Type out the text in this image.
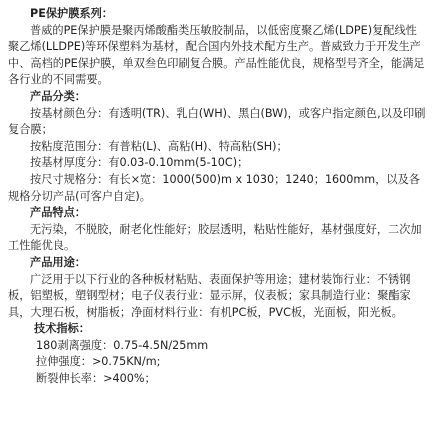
PE保护膜系列：

普威的PE保护膜是聚丙烯酸酯类压敏胶制品，以低密度聚乙烯(LDPE)复配线性聚乙烯(LLDPE)等环保塑料为基材，配合国内外技术配方生产。普威致力于开发生产中、高档的PE保护膜，单双叁色印刷复合膜。产品性能优良，规格型号齐全，能满足各行业的不同需要。

产品分类：

按基材颜色分：有透明(TR)、乳白(WH)、黑白(BW)，或客户指定颜色,以及印刷复合膜；

按粘度范围分：有普粘(L)、高粘(H)、特高粘(SH)；

按基材厚度分：有0.03-0.10mm(5-10C)；

按尺寸规格分：有长×宽：1000(500)m x 1030；1240；1600mm，以及各规格分切产品(可客户自定)。

产品特点：

无污染，不脱胶，耐老化性能好；胶层透明，粘贴性能好，基材强度好，二次加工性能优良。

产品用途：

广泛用于以下行业的各种板材粘贴、表面保护等用途；建材装饰行业：不锈钢板，铝塑板，塑钢型材；电子仪表行业：显示屏，仪表板；家具制造行业：聚酯家具，大理石板，树脂板；净面材料行业：有机PC板，PVC板，光面板，阳光板。

技术指标：

180剥离强度：0.75-4.5N/25mm

拉伸强度：>0.75KN/m;

断裂伸长率：>400%；
